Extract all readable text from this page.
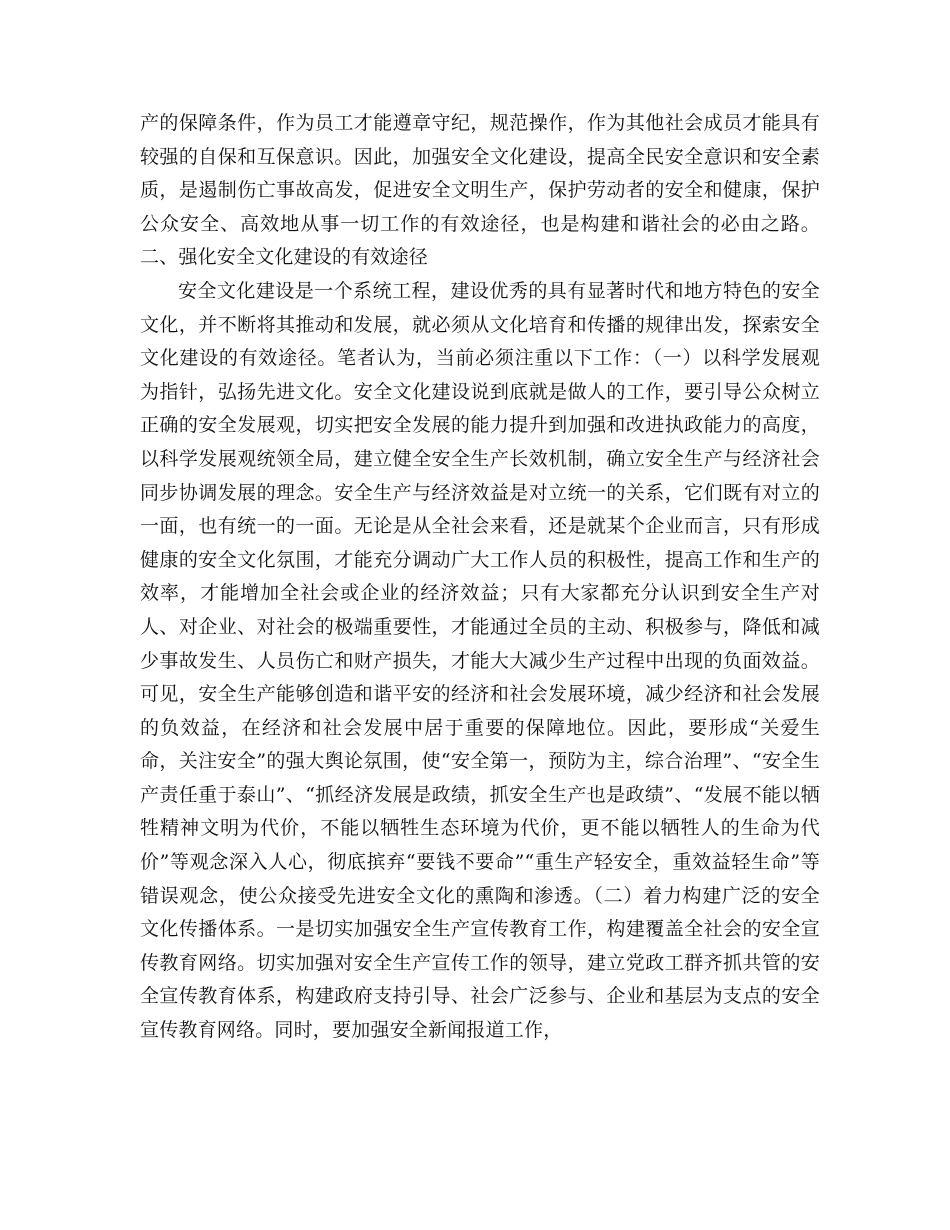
产的保障条件，作为员工才能遵章守纪，规范操作，作为其他社会成员才能具有较强的自保和互保意识。因此，加强安全文化建设，提高全民安全意识和安全素质，是遏制伤亡事故高发，促进安全文明生产，保护劳动者的安全和健康，保护公众安全、高效地从事一切工作的有效途径，也是构建和谐社会的必由之路。二、强化安全文化建设的有效途径

安全文化建设是一个系统工程，建设优秀的具有显著时代和地方特色的安全文化，并不断将其推动和发展，就必须从文化培育和传播的规律出发，探索安全文化建设的有效途径。笔者认为，当前必须注重以下工作：（一）以科学发展观为指针，弘扬先进文化。安全文化建设说到底就是做人的工作，要引导公众树立正确的安全发展观，切实把安全发展的能力提升到加强和改进执政能力的高度，以科学发展观统领全局，建立健全安全生产长效机制，确立安全生产与经济社会同步协调发展的理念。安全生产与经济效益是对立统一的关系，它们既有对立的一面，也有统一的一面。无论是从全社会来看，还是就某个企业而言，只有形成健康的安全文化氛围，才能充分调动广大工作人员的积极性，提高工作和生产的效率，才能增加全社会或企业的经济效益；只有大家都充分认识到安全生产对人、对企业、对社会的极端重要性，才能通过全员的主动、积极参与，降低和减少事故发生、人员伤亡和财产损失，才能大大减少生产过程中出现的负面效益。可见，安全生产能够创造和谐平安的经济和社会发展环境，减少经济和社会发展的负效益，在经济和社会发展中居于重要的保障地位。因此，要形成“关爱生命，关注安全”的强大舆论氛围，使“安全第一，预防为主，综合治理”、“安全生产责任重于泰山”、“抓经济发展是政绩，抓安全生产也是政绩”、“发展不能以牺牲精神文明为代价，不能以牺牲生态环境为代价，更不能以牺牲人的生命为代价”等观念深入人心，彻底摈弃“要钱不要命”“重生产轻安全，重效益轻生命”等错误观念，使公众接受先进安全文化的熏陶和渗透。（二）着力构建广泛的安全文化传播体系。一是切实加强安全生产宣传教育工作，构建覆盖全社会的安全宣传教育网络。切实加强对安全生产宣传工作的领导，建立党政工群齐抓共管的安全宣传教育体系，构建政府支持引导、社会广泛参与、企业和基层为支点的安全宣传教育网络。同时，要加强安全新闻报道工作，
